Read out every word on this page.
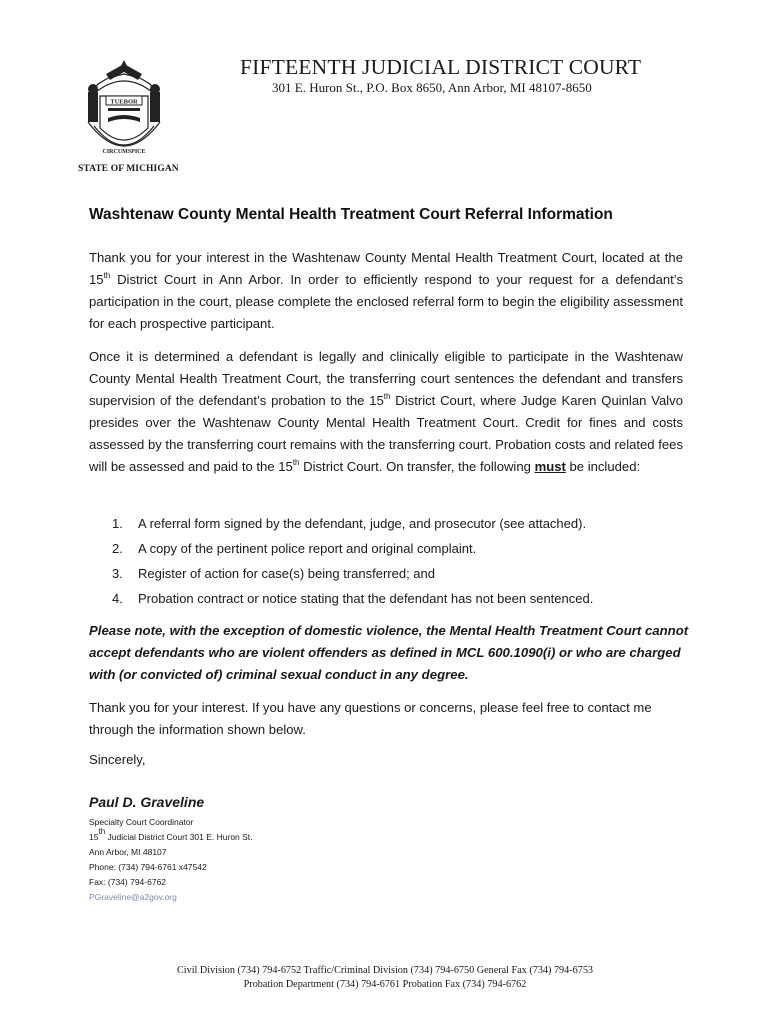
TUEBOR
CIRCUMSPICE
STATE OF MICHIGAN
FIFTEENTH JUDICIAL DISTRICT COURT
301 E. Huron St., P.O. Box 8650, Ann Arbor, MI 48107-8650
Washtenaw County Mental Health Treatment Court Referral Information
Thank you for your interest in the Washtenaw County Mental Health Treatment Court, located at the 15th District Court in Ann Arbor. In order to efficiently respond to your request for a defendant’s participation in the court, please complete the enclosed referral form to begin the eligibility assessment for each prospective participant.
Once it is determined a defendant is legally and clinically eligible to participate in the Washtenaw County Mental Health Treatment Court, the transferring court sentences the defendant and transfers supervision of the defendant’s probation to the 15th District Court, where Judge Karen Quinlan Valvo presides over the Washtenaw County Mental Health Treatment Court. Credit for fines and costs assessed by the transferring court remains with the transferring court. Probation costs and related fees will be assessed and paid to the 15th District Court. On transfer, the following must be included:
1.	A referral form signed by the defendant, judge, and prosecutor (see attached).
2.	A copy of the pertinent police report and original complaint.
3.	Register of action for case(s) being transferred; and
4.	Probation contract or notice stating that the defendant has not been sentenced.
Please note, with the exception of domestic violence, the Mental Health Treatment Court cannot accept defendants who are violent offenders as defined in MCL 600.1090(i) or who are charged with (or convicted of) criminal sexual conduct in any degree.
Thank you for your interest. If you have any questions or concerns, please feel free to contact me through the information shown below.
Sincerely,
Paul D. Graveline
Specialty Court Coordinator
15th Judicial District Court 301 E. Huron St.
Ann Arbor, MI 48107
Phone: (734) 794-6761 x47542
Fax: (734) 794-6762
PGraveline@a2gov.org
Civil Division (734) 794-6752 Traffic/Criminal Division (734) 794-6750 General Fax (734) 794-6753
Probation Department (734) 794-6761 Probation Fax (734) 794-6762
